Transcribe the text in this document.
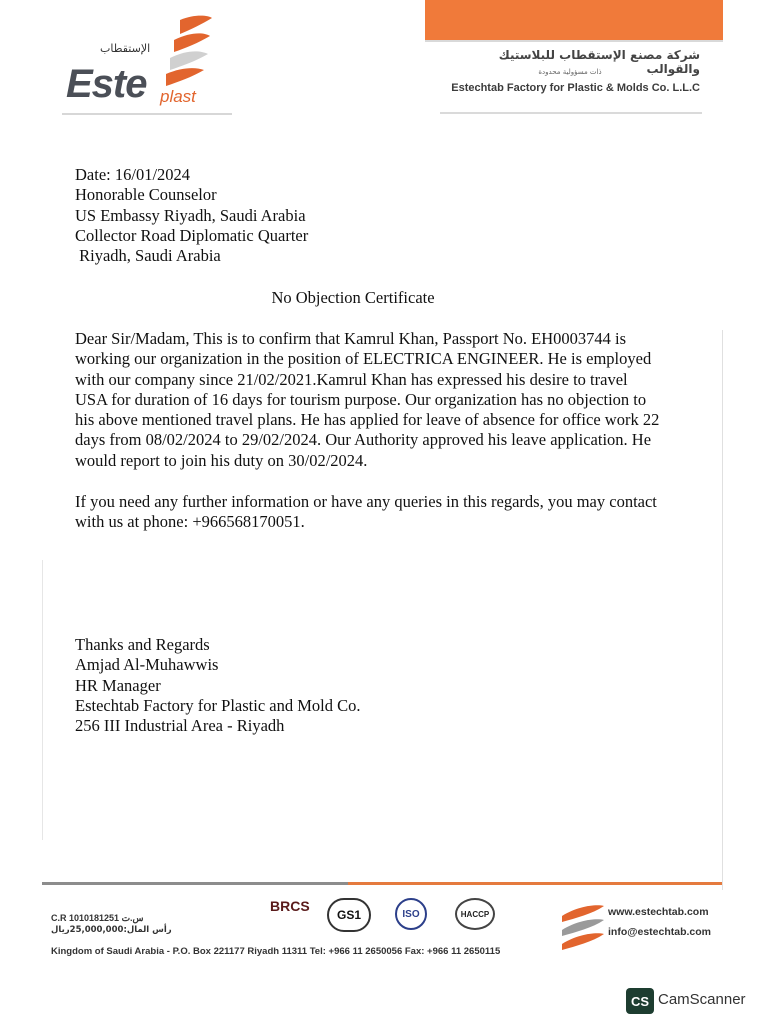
الإستقطاب
Este plast
شركة مصنع الإستقطاب للبلاستيك والقوالب
ذات مسؤولية محدودة
Estechtab Factory for Plastic & Molds Co. L.L.C
Date: 16/01/2024
Honorable Counselor
US Embassy Riyadh, Saudi Arabia
Collector Road Diplomatic Quarter
Riyadh, Saudi Arabia
No Objection Certificate
Dear Sir/Madam, This is to confirm that Kamrul Khan, Passport No. EH0003744 is
working our organization in the position of ELECTRICA ENGINEER. He is employed
with our company since 21/02/2021.Kamrul Khan has expressed his desire to travel
USA for duration of 16 days for tourism purpose. Our organization has no objection to
his above mentioned travel plans. He has applied for leave of absence for office work 22
days from 08/02/2024 to 29/02/2024. Our Authority approved his leave application. He
would report to join his duty on 30/02/2024.
If you need any further information or have any queries in this regards, you may contact
with us at phone: +966568170051.
Thanks and Regards
Amjad Al-Muhawwis
HR Manager
Estechtab Factory for Plastic and Mold Co.
256 III Industrial Area - Riyadh
C.R 1010181251 س.ت
رأس المال:25,000,000ريال
Kingdom of Saudi Arabia - P.O. Box 221177 Riyadh 11311 Tel: +966 11 2650056 Fax: +966 11 2650115
BRCS
GS1	ISO	HACCP	www.estechtab.com
info@estechtab.com
CS CamScanner
